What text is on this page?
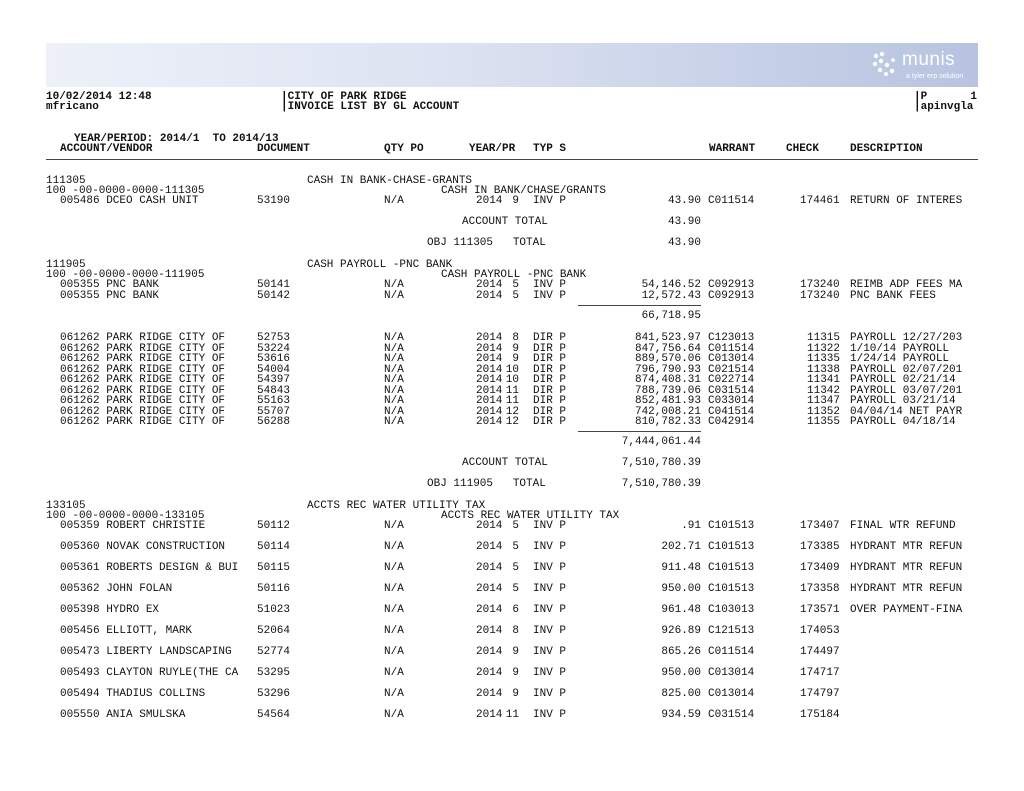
munis
a tyler erp solution
10/02/2014 12:48
mfricano
|CITY OF PARK RIDGE
|INVOICE LIST BY GL ACCOUNT
|P	1
|apinvgla
YEAR/PERIOD: 2014/1  TO 2014/13
ACCOUNT/VENDOR	DOCUMENT	QTY PO	YEAR/PR TYP S	WARRANT	CHECK	DESCRIPTION
111305	CASH IN BANK-CHASE-GRANTS
100 -00-0000-0000-111305	CASH IN BANK/CHASE/GRANTS
005486 DCEO CASH UNIT	53190	N/A	2014 9 INV P	43.90 C011514	174461 RETURN OF INTERES
ACCOUNT TOTAL	43.90
OBJ 111305   TOTAL	43.90
111905	CASH PAYROLL -PNC BANK
100 -00-0000-0000-111905	CASH PAYROLL -PNC BANK
005355 PNC BANK	50141	N/A	2014 5 INV P	54,146.52 C092913	173240 REIMB ADP FEES MA
005355 PNC BANK	50142	N/A	2014 5 INV P	12,572.43 C092913	173240 PNC BANK FEES
66,718.95
061262 PARK RIDGE CITY OF	52753	N/A	2014 8 DIR P	841,523.97 C123013	11315 PAYROLL 12/27/203
061262 PARK RIDGE CITY OF	53224	N/A	2014 9 DIR P	847,756.64 C011514	11322 1/10/14 PAYROLL
061262 PARK RIDGE CITY OF	53616	N/A	2014 9 DIR P	889,570.06 C013014	11335 1/24/14 PAYROLL
061262 PARK RIDGE CITY OF	54004	N/A	2014 10 DIR P	796,790.93 C021514	11338 PAYROLL 02/07/201
061262 PARK RIDGE CITY OF	54397	N/A	2014 10 DIR P	874,408.31 C022714	11341 PAYROLL 02/21/14
061262 PARK RIDGE CITY OF	54843	N/A	2014 11 DIR P	788,739.06 C031514	11342 PAYROLL 03/07/201
061262 PARK RIDGE CITY OF	55163	N/A	2014 11 DIR P	852,481.93 C033014	11347 PAYROLL 03/21/14
061262 PARK RIDGE CITY OF	55707	N/A	2014 12 DIR P	742,008.21 C041514	11352 04/04/14 NET PAYR
061262 PARK RIDGE CITY OF	56288	N/A	2014 12 DIR P	810,782.33 C042914	11355 PAYROLL 04/18/14
7,444,061.44
ACCOUNT TOTAL	7,510,780.39
OBJ 111905   TOTAL	7,510,780.39
133105	ACCTS REC WATER UTILITY TAX
100 -00-0000-0000-133105	ACCTS REC WATER UTILITY TAX
005359 ROBERT CHRISTIE	50112	N/A	2014 5 INV P	.91 C101513	173407 FINAL WTR REFUND
005360 NOVAK CONSTRUCTION	50114	N/A	2014 5 INV P	202.71 C101513	173385 HYDRANT MTR REFUN
005361 ROBERTS DESIGN & BUI 50115	N/A	2014 5 INV P	911.48 C101513	173409 HYDRANT MTR REFUN
005362 JOHN FOLAN	50116	N/A	2014 5 INV P	950.00 C101513	173358 HYDRANT MTR REFUN
005398 HYDRO EX	51023	N/A	2014 6 INV P	961.48 C103013	173571 OVER PAYMENT-FINA
005456 ELLIOTT, MARK	52064	N/A	2014 8 INV P	926.89 C121513	174053
005473 LIBERTY LANDSCAPING 52774	N/A	2014 9 INV P	865.26 C011514	174497
005493 CLAYTON RUYLE(THE CA 53295	N/A	2014 9 INV P	950.00 C013014	174717
005494 THADIUS COLLINS	53296	N/A	2014 9 INV P	825.00 C013014	174797
005550 ANIA SMULSKA	54564	N/A	2014 11 INV P	934.59 C031514	175184
